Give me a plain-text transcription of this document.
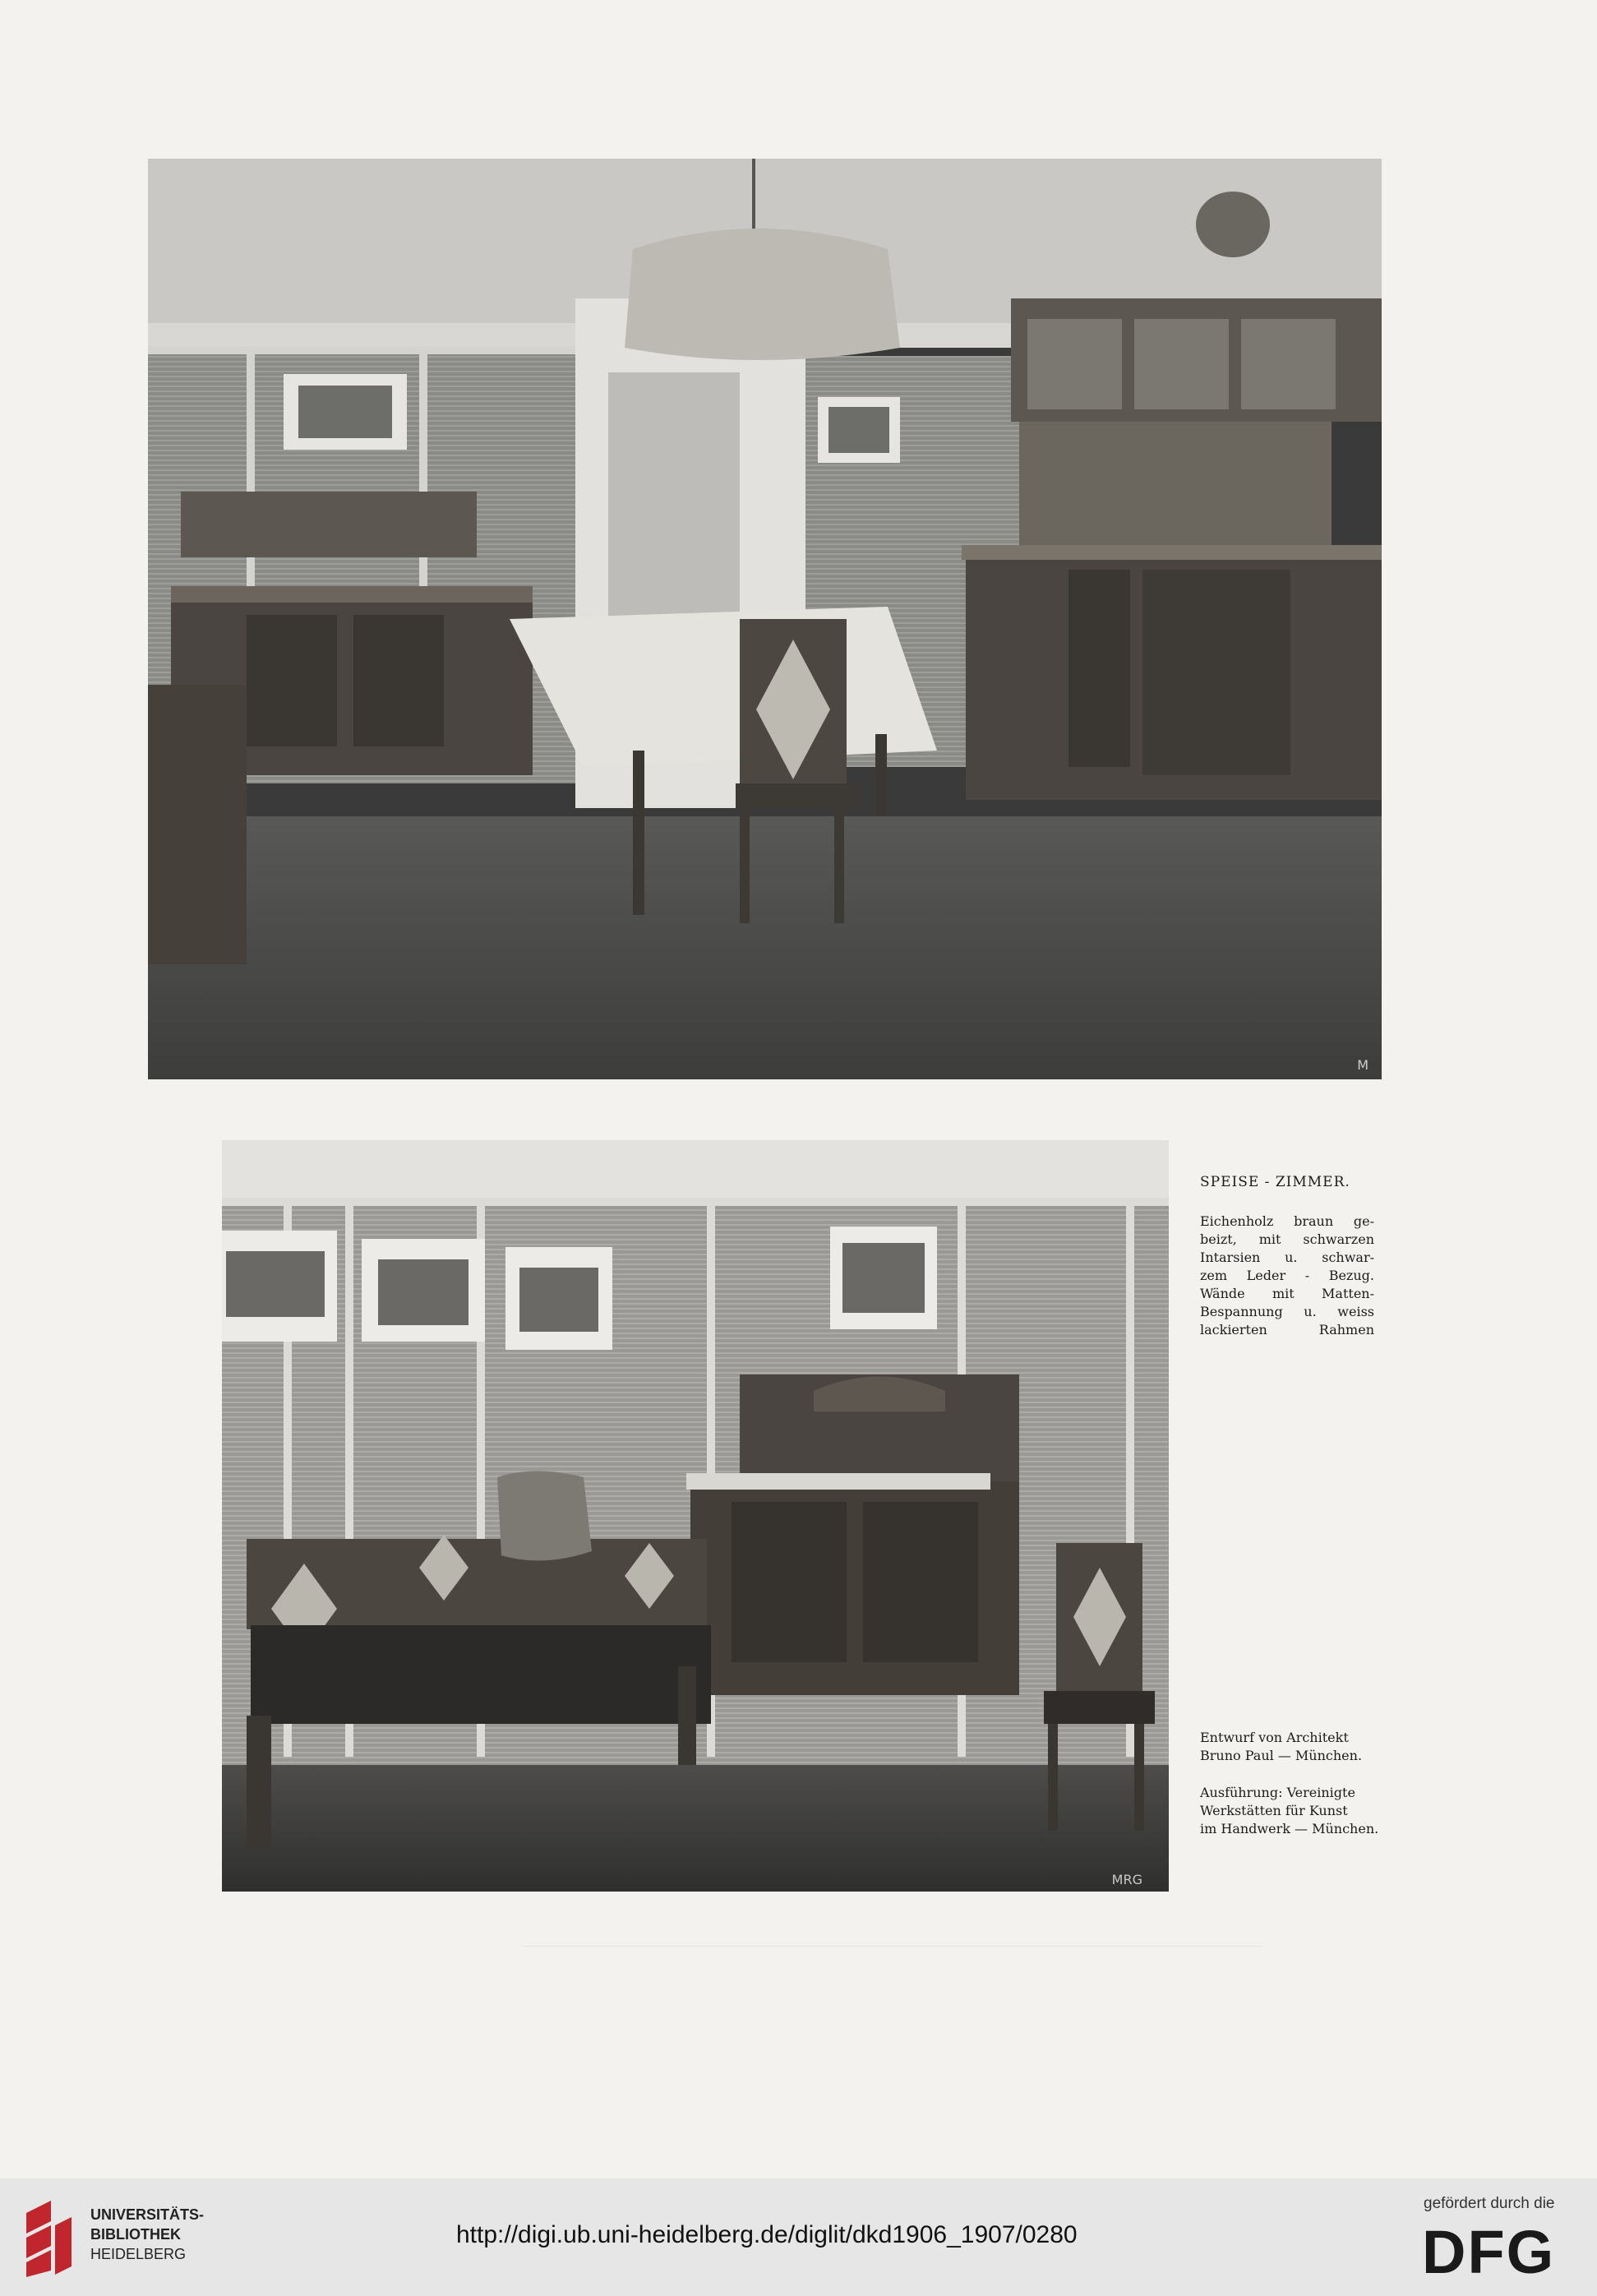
M
MRG
SPEISE - ZIMMER.
Eichenholz braun ge-
beizt, mit schwarzen
Intarsien u. schwar-
zem Leder - Bezug.
Wände mit Matten-
Bespannung u. weiss
lackierten Rahmen
Entwurf von Architekt
Bruno Paul — München.
Ausführung: Vereinigte
Werkstätten für Kunst
im Handwerk — München.
UNIVERSITÄTS-
BIBLIOTHEK
HEIDELBERG
http://digi.ub.uni-heidelberg.de/diglit/dkd1906_1907/0280
gefördert durch die
DFG
